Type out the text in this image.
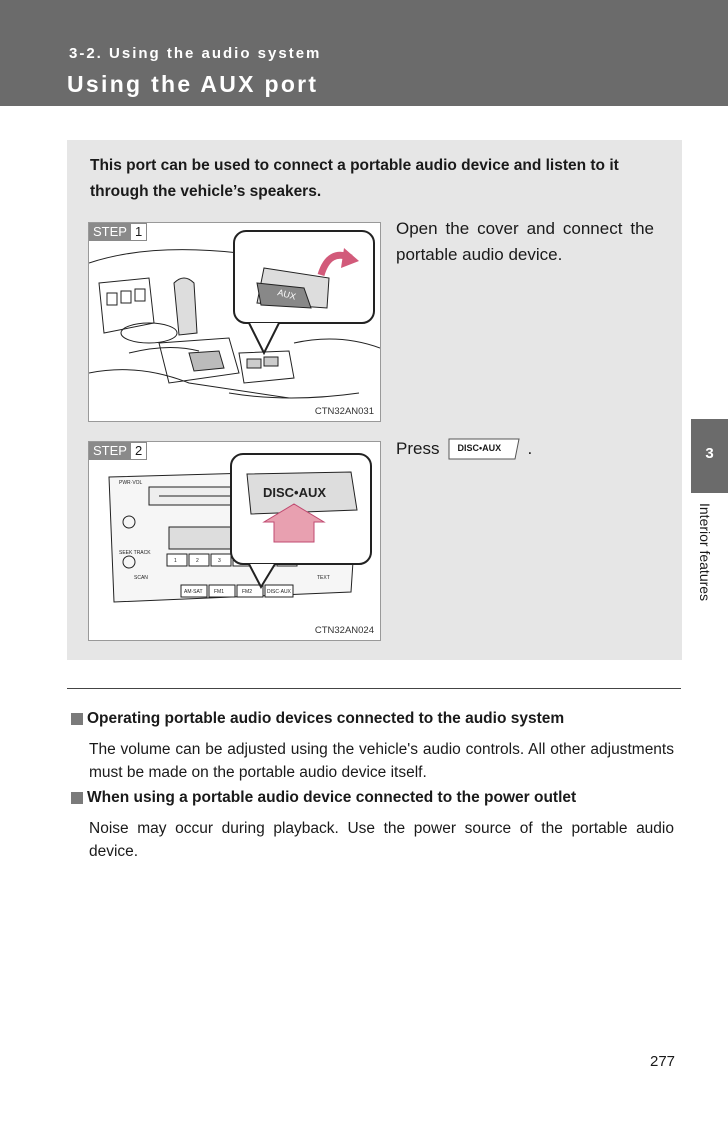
3-2. Using the audio system
Using the AUX port
This port can be used to connect a portable audio device and listen to it through the vehicle’s speakers.
AUX
STEP 1
CTN32AN031
Open the cover and connect the portable audio device.
PWR·VOL
SEEK TRACK
SCAN	TEXT
1	2	3
AM·SAT FM1	FM2	DISC·AUX
DISC•AUX
STEP 2
CTN32AN024
Press DISC•AUX .
Operating portable audio devices connected to the audio system
The volume can be adjusted using the vehicle's audio controls. All other adjustments must be made on the portable audio device itself.
When using a portable audio device connected to the power outlet
Noise may occur during playback. Use the power source of the portable audio device.
3
Interior features
277
